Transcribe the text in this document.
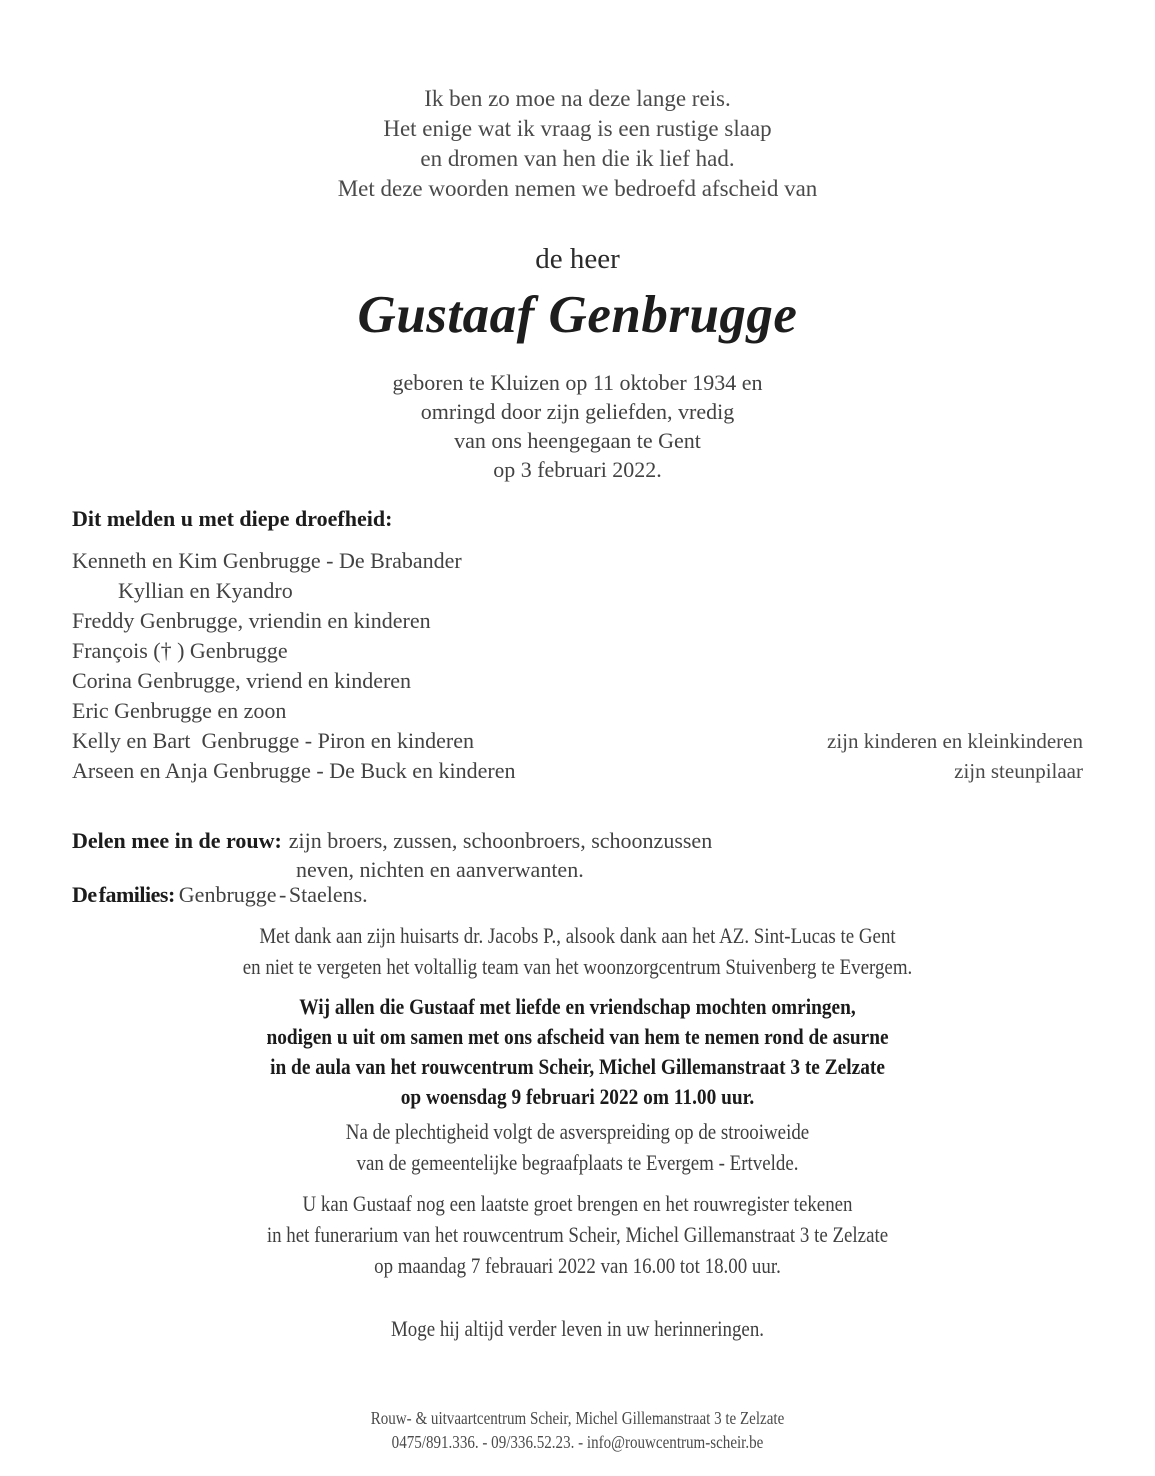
Ik ben zo moe na deze lange reis.
Het enige wat ik vraag is een rustige slaap
en dromen van hen die ik lief had.
Met deze woorden nemen we bedroefd afscheid van
de heer
Gustaaf Genbrugge
geboren te Kluizen op 11 oktober 1934 en
omringd door zijn geliefden, vredig
van ons heengegaan te Gent
op 3 februari 2022.
Dit melden u met diepe droefheid:
Kenneth en Kim Genbrugge - De Brabander
Kyllian en Kyandro
Freddy Genbrugge, vriendin en kinderen
François († ) Genbrugge
Corina Genbrugge, vriend en kinderen
Eric Genbrugge en zoon
Kelly en Bart  Genbrugge - Piron en kinderen	zijn kinderen en kleinkinderen
Arseen en Anja Genbrugge - De Buck en kinderen	zijn steunpilaar
Delen mee in de rouw: zijn broers, zussen, schoonbroers, schoonzussen
neven, nichten en aanverwanten.
De families: Genbrugge - Staelens.
Met dank aan zijn huisarts dr. Jacobs P., alsook dank aan het AZ. Sint-Lucas te Gent
en niet te vergeten het voltallig team van het woonzorgcentrum Stuivenberg te Evergem.
Wij allen die Gustaaf met liefde en vriendschap mochten omringen,
nodigen u uit om samen met ons afscheid van hem te nemen rond de asurne
in de aula van het rouwcentrum Scheir, Michel Gillemanstraat 3 te Zelzate
op woensdag 9 februari 2022 om 11.00 uur.
Na de plechtigheid volgt de asverspreiding op de strooiweide
van de gemeentelijke begraafplaats te Evergem - Ertvelde.
U kan Gustaaf nog een laatste groet brengen en het rouwregister tekenen
in het funerarium van het rouwcentrum Scheir, Michel Gillemanstraat 3 te Zelzate
op maandag 7 febrauari 2022 van 16.00 tot 18.00 uur.
Moge hij altijd verder leven in uw herinneringen.
Rouw- & uitvaartcentrum Scheir, Michel Gillemanstraat 3 te Zelzate
0475/891.336. - 09/336.52.23. - info@rouwcentrum-scheir.be
